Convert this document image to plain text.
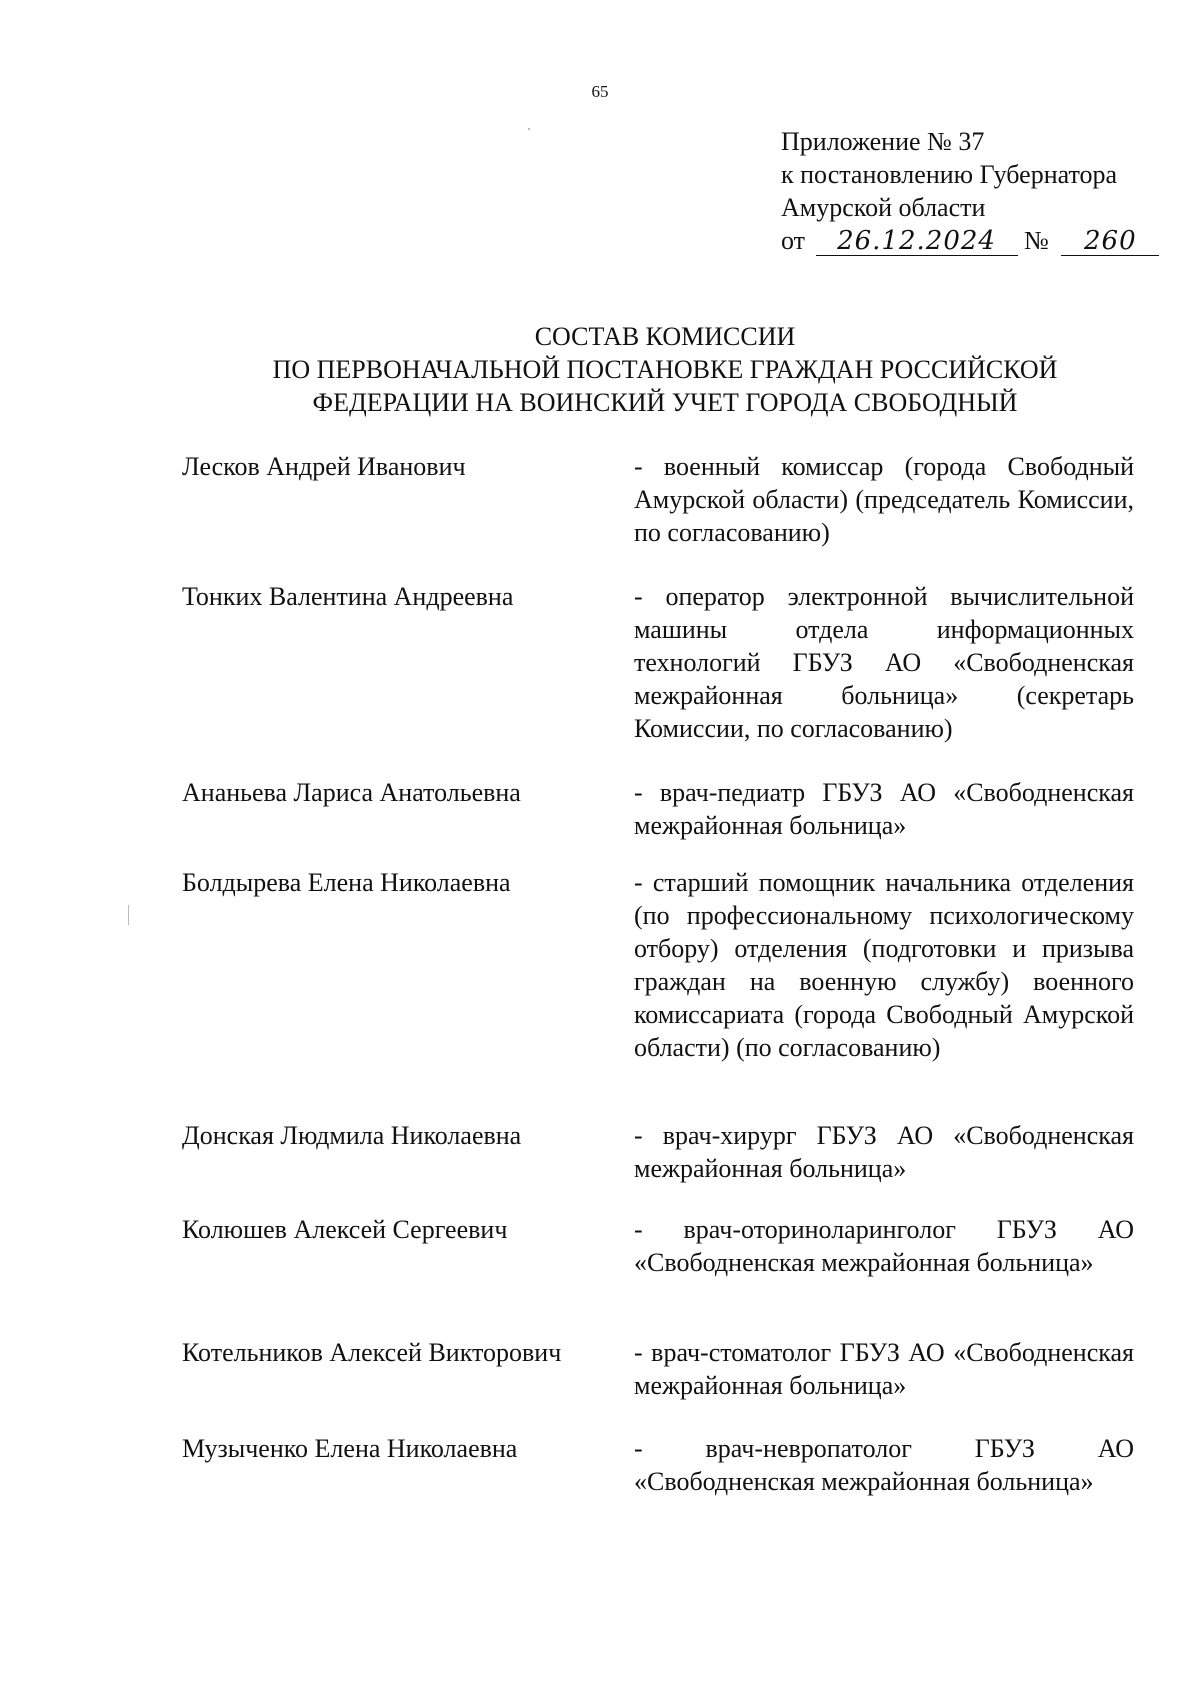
65
Приложение № 37
к постановлению Губернатора
Амурской области
от 26.12.2024 № 260
СОСТАВ КОМИССИИ
ПО ПЕРВОНАЧАЛЬНОЙ ПОСТАНОВКЕ ГРАЖДАН РОССИЙСКОЙ
ФЕДЕРАЦИИ НА ВОИНСКИЙ УЧЕТ ГОРОДА СВОБОДНЫЙ
Лесков Андрей Иванович	- военный комиссар (города Свободный Амурской области) (председатель Комиссии, по согласованию)
Тонких Валентина Андреевна	- оператор электронной вычислительной машины отдела информационных технологий ГБУЗ АО «Свободненская межрайонная больница» (секретарь Комиссии, по согласованию)
Ананьева Лариса Анатольевна	- врач-педиатр ГБУЗ АО «Свободненская межрайонная больница»
Болдырева Елена Николаевна	- старший помощник начальника отделения (по профессиональному психологическому отбору) отделения (подготовки и призыва граждан на военную службу) военного комиссариата (города Свободный Амурской области) (по согласованию)
Донская Людмила Николаевна	- врач-хирург ГБУЗ АО «Свободненская межрайонная больница»
Колюшев Алексей Сергеевич	- врач-оториноларинголог ГБУЗ АО «Свободненская межрайонная больница»
Котельников Алексей Викторович	- врач-стоматолог ГБУЗ АО «Свободненская межрайонная больница»
Музыченко Елена Николаевна	- врач-невропатолог ГБУЗ АО «Свободненская межрайонная больница»
